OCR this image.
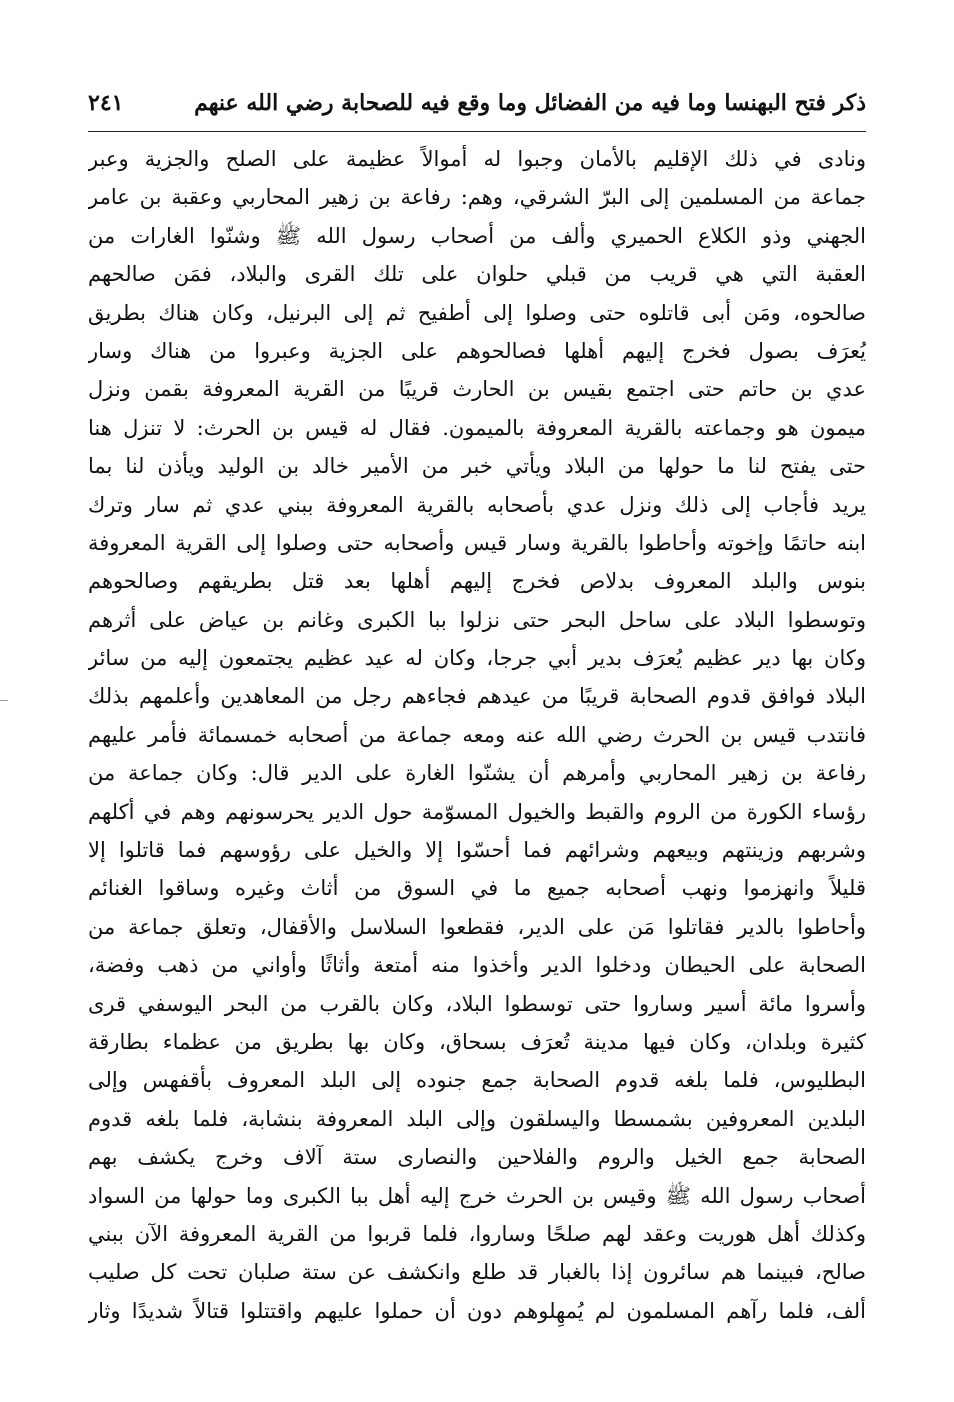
ذكر فتح البهنسا وما فيه من الفضائل وما وقع فيه للصحابة رضي الله عنهم
٢٤١
ونادى في ذلك الإقليم بالأمان وجبوا له أموالاً عظيمة على الصلح والجزية وعبر
جماعة من المسلمين إلى البرّ الشرقي، وهم: رفاعة بن زهير المحاربي وعقبة بن عامر
الجهني وذو الكلاع الحميري وألف من أصحاب رسول الله ﷺ وشنّوا الغارات من
العقبة التي هي قريب من قبلي حلوان على تلك القرى والبلاد، فمَن صالحهم
صالحوه، ومَن أبى قاتلوه حتى وصلوا إلى أطفيح ثم إلى البرنيل، وكان هناك بطريق
يُعرَف بصول فخرج إليهم أهلها فصالحوهم على الجزية وعبروا من هناك وسار
عدي بن حاتم حتى اجتمع بقيس بن الحارث قريبًا من القرية المعروفة بقمن ونزل
ميمون هو وجماعته بالقرية المعروفة بالميمون. فقال له قيس بن الحرث: لا تنزل هنا
حتى يفتح لنا ما حولها من البلاد ويأتي خبر من الأمير خالد بن الوليد ويأذن لنا بما
يريد فأجاب إلى ذلك ونزل عدي بأصحابه بالقرية المعروفة ببني عدي ثم سار وترك
ابنه حاتمًا وإخوته وأحاطوا بالقرية وسار قيس وأصحابه حتى وصلوا إلى القرية المعروفة
بنوس والبلد المعروف بدلاص فخرج إليهم أهلها بعد قتل بطريقهم وصالحوهم
وتوسطوا البلاد على ساحل البحر حتى نزلوا ببا الكبرى وغانم بن عياض على أثرهم
وكان بها دير عظيم يُعرَف بدير أبي جرجا، وكان له عيد عظيم يجتمعون إليه من سائر
البلاد فوافق قدوم الصحابة قريبًا من عيدهم فجاءهم رجل من المعاهدين وأعلمهم بذلك
فانتدب قيس بن الحرث رضي الله عنه ومعه جماعة من أصحابه خمسمائة فأمر عليهم
رفاعة بن زهير المحاربي وأمرهم أن يشنّوا الغارة على الدير قال: وكان جماعة من
رؤساء الكورة من الروم والقبط والخيول المسوّمة حول الدير يحرسونهم وهم في أكلهم
وشربهم وزينتهم وبيعهم وشرائهم فما أحسّوا إلا والخيل على رؤوسهم فما قاتلوا إلا
قليلاً وانهزموا ونهب أصحابه جميع ما في السوق من أثاث وغيره وساقوا الغنائم
وأحاطوا بالدير فقاتلوا مَن على الدير، فقطعوا السلاسل والأقفال، وتعلق جماعة من
الصحابة على الحيطان ودخلوا الدير وأخذوا منه أمتعة وأثاثًا وأواني من ذهب وفضة،
وأسروا مائة أسير وساروا حتى توسطوا البلاد، وكان بالقرب من البحر اليوسفي قرى
كثيرة وبلدان، وكان فيها مدينة تُعرَف بسحاق، وكان بها بطريق من عظماء بطارقة
البطليوس، فلما بلغه قدوم الصحابة جمع جنوده إلى البلد المعروف بأقفهس وإلى
البلدين المعروفين بشمسطا واليسلقون وإلى البلد المعروفة بنشابة، فلما بلغه قدوم
الصحابة جمع الخيل والروم والفلاحين والنصارى ستة آلاف وخرج يكشف بهم
أصحاب رسول الله ﷺ وقيس بن الحرث خرج إليه أهل ببا الكبرى وما حولها من السواد
وكذلك أهل هوريت وعقد لهم صلحًا وساروا، فلما قربوا من القرية المعروفة الآن ببني
صالح، فبينما هم سائرون إذا بالغبار قد طلع وانكشف عن ستة صلبان تحت كل صليب
ألف، فلما رآهم المسلمون لم يُمهِلوهم دون أن حملوا عليهم واقتتلوا قتالاً شديدًا وثار
